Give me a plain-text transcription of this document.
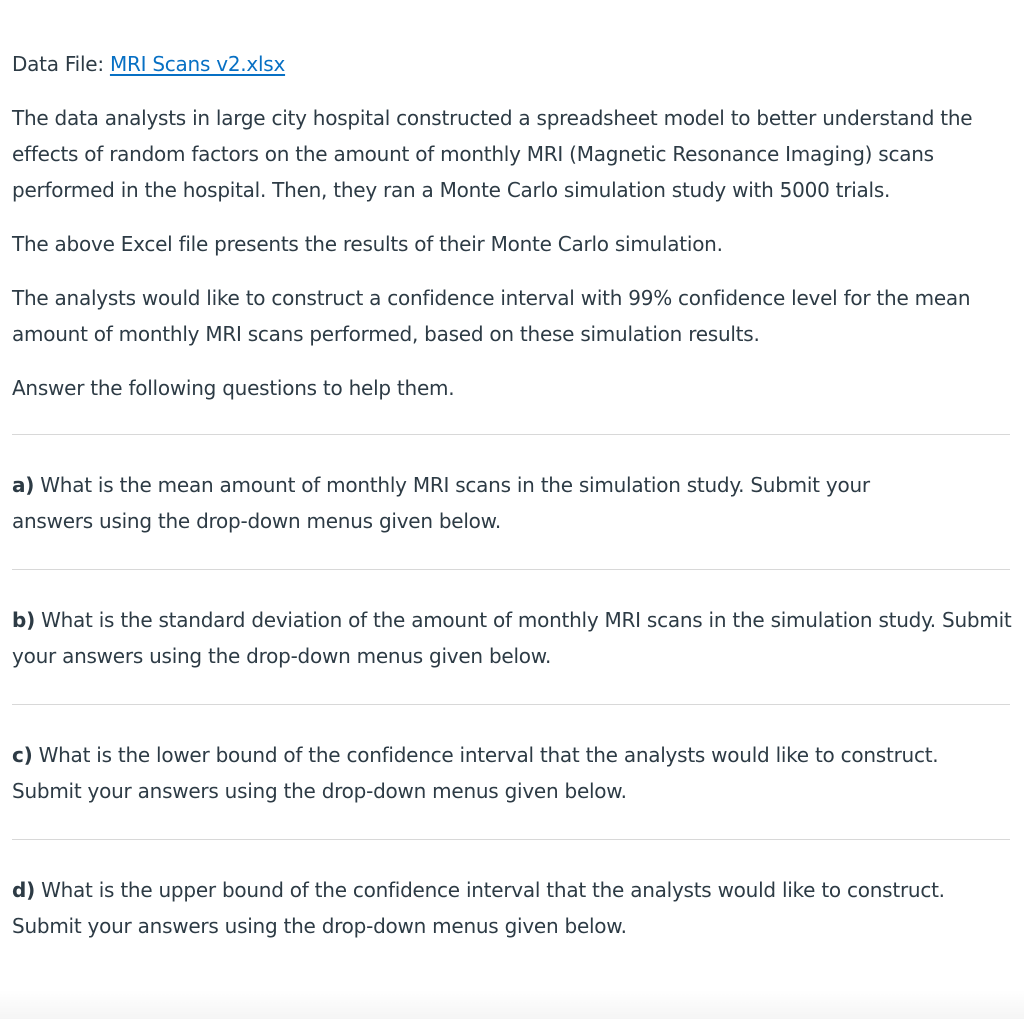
Data File: MRI Scans v2.xlsx

The data analysts in large city hospital constructed a spreadsheet model to better understand the effects of random factors on the amount of monthly MRI (Magnetic Resonance Imaging) scans performed in the hospital. Then, they ran a Monte Carlo simulation study with 5000 trials.

The above Excel file presents the results of their Monte Carlo simulation.

The analysts would like to construct a confidence interval with 99% confidence level for the mean amount of monthly MRI scans performed, based on these simulation results.

Answer the following questions to help them.

a) What is the mean amount of monthly MRI scans in the simulation study. Submit your answers using the drop-down menus given below.

b) What is the standard deviation of the amount of monthly MRI scans in the simulation study. Submit your answers using the drop-down menus given below.

c) What is the lower bound of the confidence interval that the analysts would like to construct. Submit your answers using the drop-down menus given below.

d) What is the upper bound of the confidence interval that the analysts would like to construct. Submit your answers using the drop-down menus given below.
